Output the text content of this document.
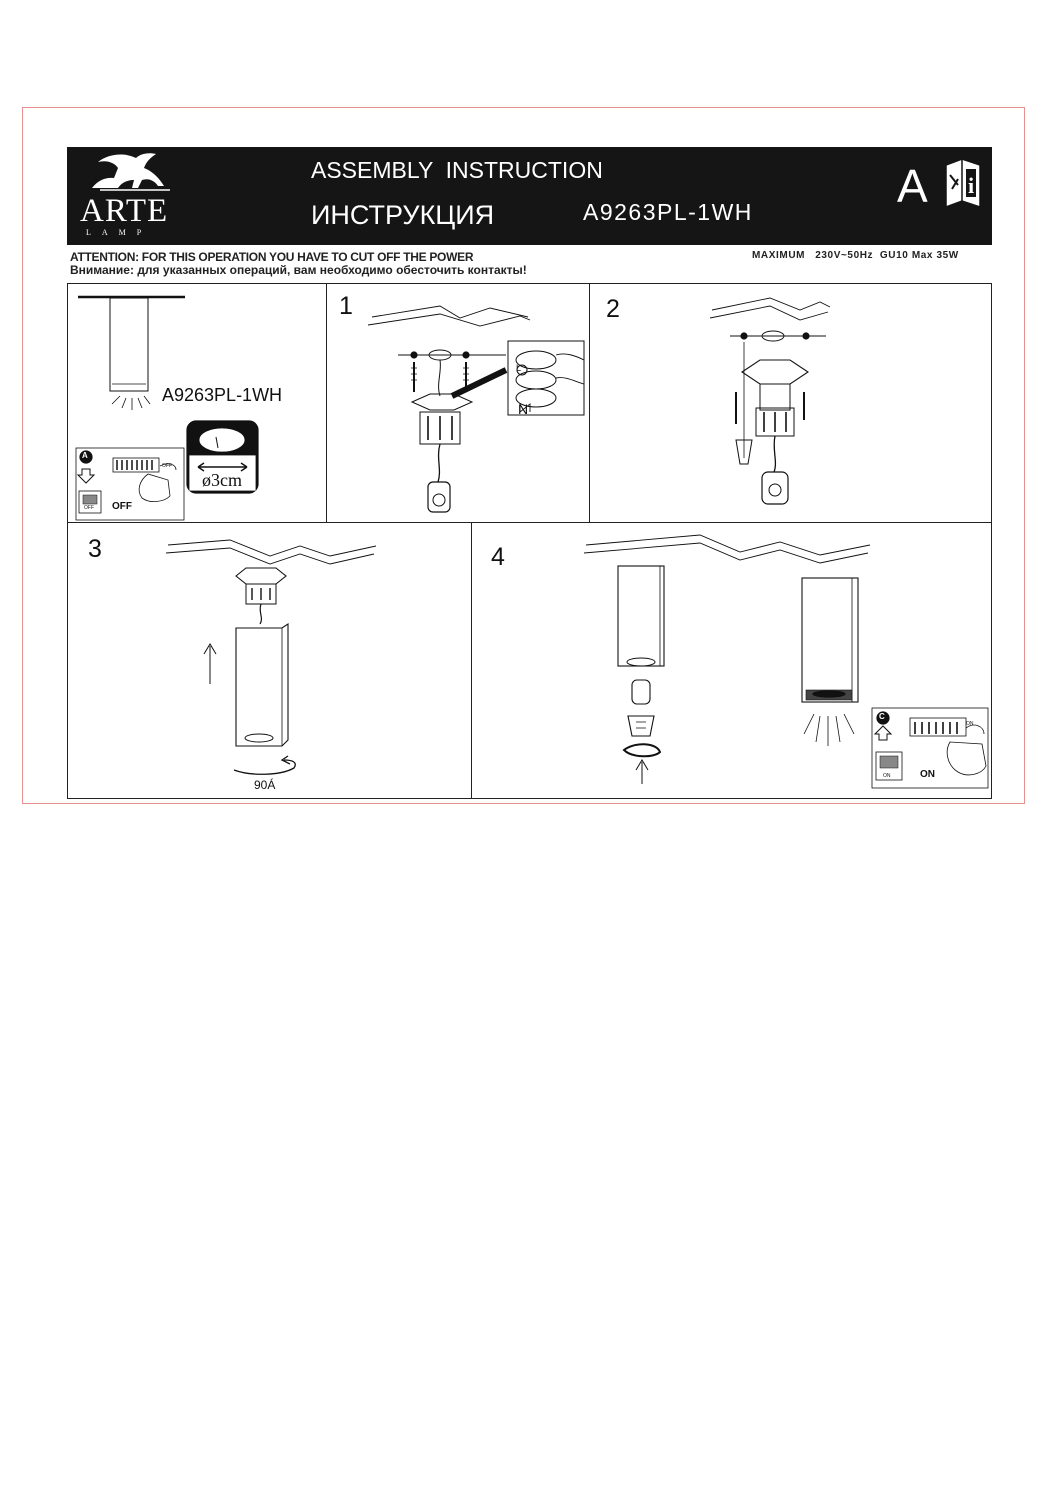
ARTE
LAMP
ASSEMBLY  INSTRUCTION
ИНСТРУКЦИЯ	A9263PL-1WH	A i
ATTENTION: FOR THIS OPERATION YOU HAVE TO CUT OFF THE POWER
Внимание: для указанных операций, вам необходимо обесточить контакты!
MAXIMUM   230V~50Hz  GU10 Max 35W
A9263PL-1WH
ø3cm
A
OFF
OFF
OFF
1
L
N
2
3
90Á
4
C
ON
ON
ON
